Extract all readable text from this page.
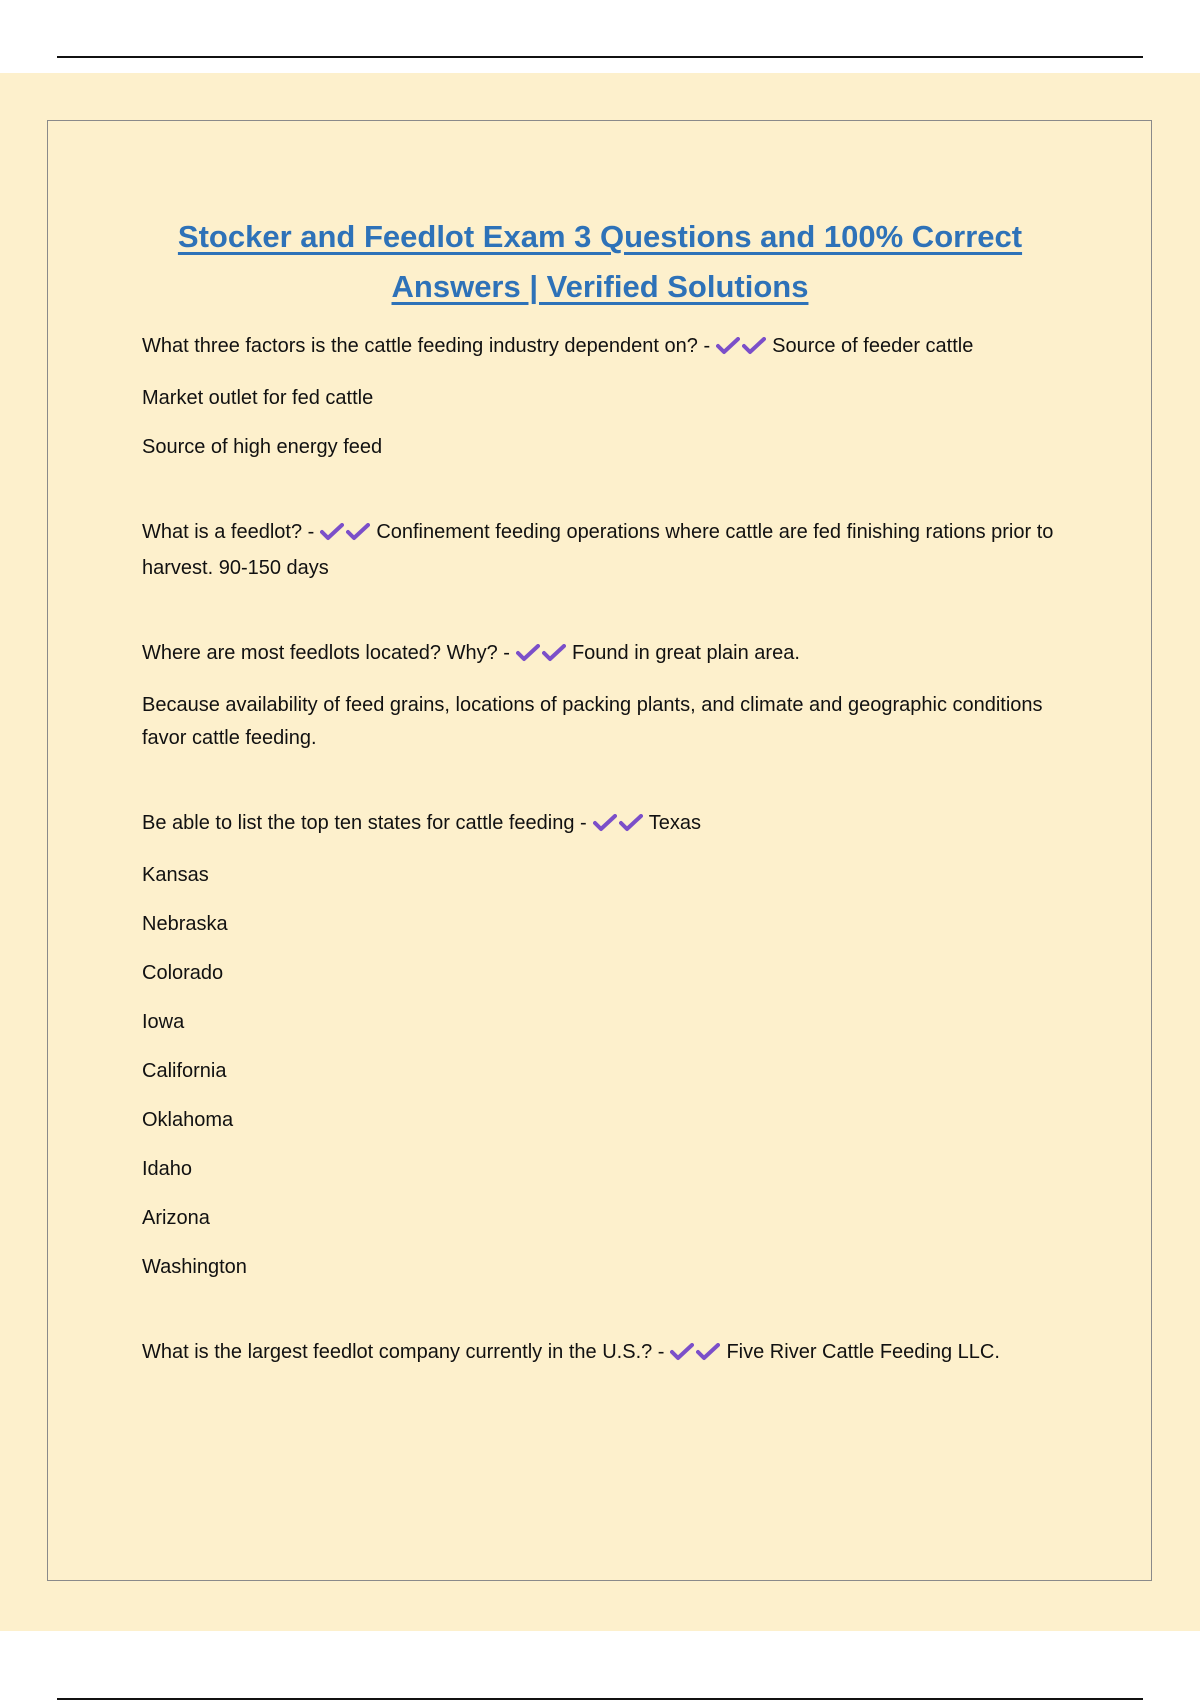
Stocker and Feedlot Exam 3 Questions and 100% Correct Answers | Verified Solutions

What three factors is the cattle feeding industry dependent on? -	Source of feeder cattle

Market outlet for fed cattle

Source of high energy feed

What is a feedlot? -	Confinement feeding operations where cattle are fed finishing rations prior to harvest. 90-150 days

Where are most feedlots located? Why? -	Found in great plain area.

Because availability of feed grains, locations of packing plants, and climate and geographic conditions favor cattle feeding.

Be able to list the top ten states for cattle feeding -	Texas

Kansas

Nebraska

Colorado

Iowa

California

Oklahoma

Idaho

Arizona

Washington

What is the largest feedlot company currently in the U.S.? -	Five River Cattle Feeding LLC.
